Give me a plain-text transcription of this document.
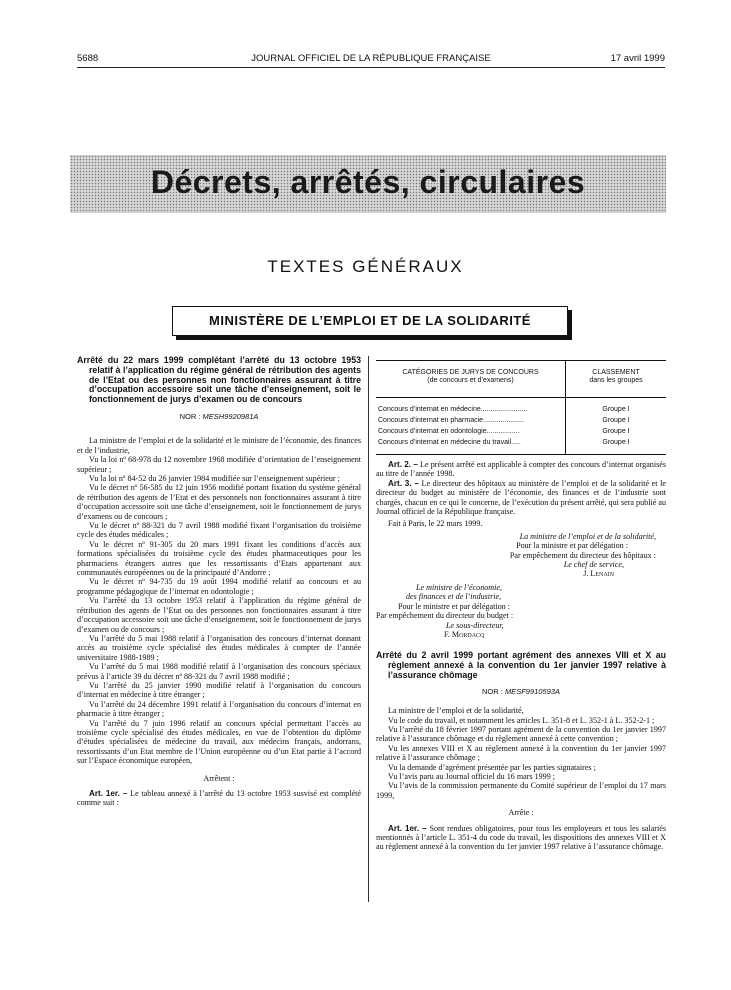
5688	JOURNAL OFFICIEL DE LA RÉPUBLIQUE FRANÇAISE	17 avril 1999
Décrets, arrêtés, circulaires
TEXTES GÉNÉRAUX
MINISTÈRE DE L’EMPLOI ET DE LA SOLIDARITÉ
Arrêté du 22 mars 1999 complétant l’arrêté du 13 octobre 1953 relatif à l’application du régime général de rétribution des agents de l’Etat ou des personnes non fonctionnaires assurant à titre d’occupation accessoire soit une tâche d’enseignement, soit le fonctionnement de jurys d’examen ou de concours
NOR : MESH9920981A

La ministre de l’emploi et de la solidarité et le ministre de l’économie, des finances et de l’industrie,

Vu la loi nº 68-978 du 12 novembre 1968 modifiée d’orientation de l’enseignement supérieur ;

Vu la loi nº 84-52 du 26 janvier 1984 modifiée sur l’enseignement supérieur ;

Vu le décret nº 56-585 du 12 juin 1956 modifié portant fixation du système général de rétribution des agents de l’Etat et des personnels non fonctionnaires assurant à titre d’occupation accessoire soit une tâche d’enseignement, soit le fonctionnement de jurys d’examens ou de concours ;

Vu le décret nº 88-321 du 7 avril 1988 modifié fixant l’organisation du troisième cycle des études médicales ;

Vu le décret nº 91-305 du 20 mars 1991 fixant les conditions d’accès aux formations spécialisées du troisième cycle des études pharmaceutiques pour les pharmaciens étrangers autres que les ressortissants d’Etats appartenant aux communautés européennes ou de la principauté d’Andorre ;

Vu le décret nº 94-735 du 19 août 1994 modifié relatif au concours et au programme pédagogique de l’internat en odontologie ;

Vu l’arrêté du 13 octobre 1953 relatif à l’application du régime général de rétribution des agents de l’Etat ou des personnes non fonctionnaires assurant à titre d’occupation accessoire soit une tâche d’enseignement, soit le fonctionnement de jurys d’examen ou de concours ;

Vu l’arrêté du 5 mai 1988 relatif à l’organisation des concours d’internat donnant accès au troisième cycle spécialisé des études médicales à compter de l’année universitaire 1988-1989 ;

Vu l’arrêté du 5 mai 1988 modifié relatif à l’organisation des concours spéciaux prévus à l’article 39 du décret nº 88-321 du 7 avril 1988 modifié ;

Vu l’arrêté du 25 janvier 1990 modifié relatif à l’organisation du concours d’internat en médecine à titre étranger ;

Vu l’arrêté du 24 décembre 1991 relatif à l’organisation du concours d’internat en pharmacie à titre étranger ;

Vu l’arrêté du 7 juin 1996 relatif au concours spécial permettant l’accès au troisième cycle spécialisé des études médicales, en vue de l’obtention du diplôme d’études spécialisées de médecine du travail, aux médecins français, andorrans, ressortissants d’un Etat membre de l’Union européenne ou d’un Etat partie à l’accord sur l’Espace économique européen,

Arrêtent :

Art. 1er. – Le tableau annexé à l’arrêté du 13 octobre 1953 susvisé est complété comme suit :

CATÉGORIES DE JURYS DE CONCOURS
(de concours et d’examens)	CLASSEMENT
dans les groupes

Concours d’internat en médecine........................	Groupe I
Concours d’internat en pharmacie.....................	Groupe I
Concours d’internat en odontologie.................	Groupe I
Concours d’internat en médecine du travail.....	Groupe I

Art. 2. – Le présent arrêté est applicable à compter des concours d’internat organisés au titre de l’année 1998.

Art. 3. – Le directeur des hôpitaux au ministère de l’emploi et de la solidarité et le directeur du budget au ministère de l’économie, des finances et de l’industrie sont chargés, chacun en ce qui le concerne, de l’exécution du présent arrêté, qui sera publié au Journal officiel de la République française.

Fait à Paris, le 22 mars 1999.

La ministre de l’emploi et de la solidarité,

Pour la ministre et par délégation :

Par empêchement du directeur des hôpitaux :

Le chef de service,

J. Lenain

Le ministre de l’économie,

des finances et de l’industrie,

Pour le ministre et par délégation :

Par empêchement du directeur du budget :

Le sous-directeur,

F. Mordacq

Arrêté du 2 avril 1999 portant agrément des annexes VIII et X au règlement annexé à la convention du 1er janvier 1997 relative à l’assurance chômage
NOR : MESF9910593A

La ministre de l’emploi et de la solidarité,

Vu le code du travail, et notamment les articles L. 351-8 et L. 352-1 à L. 352-2-1 ;

Vu l’arrêté du 18 février 1997 portant agrément de la convention du 1er janvier 1997 relative à l’assurance chômage et du règlement annexé à cette convention ;

Vu les annexes VIII et X au règlement annexé à la convention du 1er janvier 1997 relative à l’assurance chômage ;

Vu la demande d’agrément présentée par les parties signataires ;

Vu l’avis paru au Journal officiel du 16 mars 1999 ;

Vu l’avis de la commission permanente du Comité supérieur de l’emploi du 17 mars 1999,

Arrête :

Art. 1er. – Sont rendues obligatoires, pour tous les employeurs et tous les salariés mentionnés à l’article L. 351-4 du code du travail, les dispositions des annexes VIII et X au règlement annexé à la convention du 1er janvier 1997 relative à l’assurance chômage.
